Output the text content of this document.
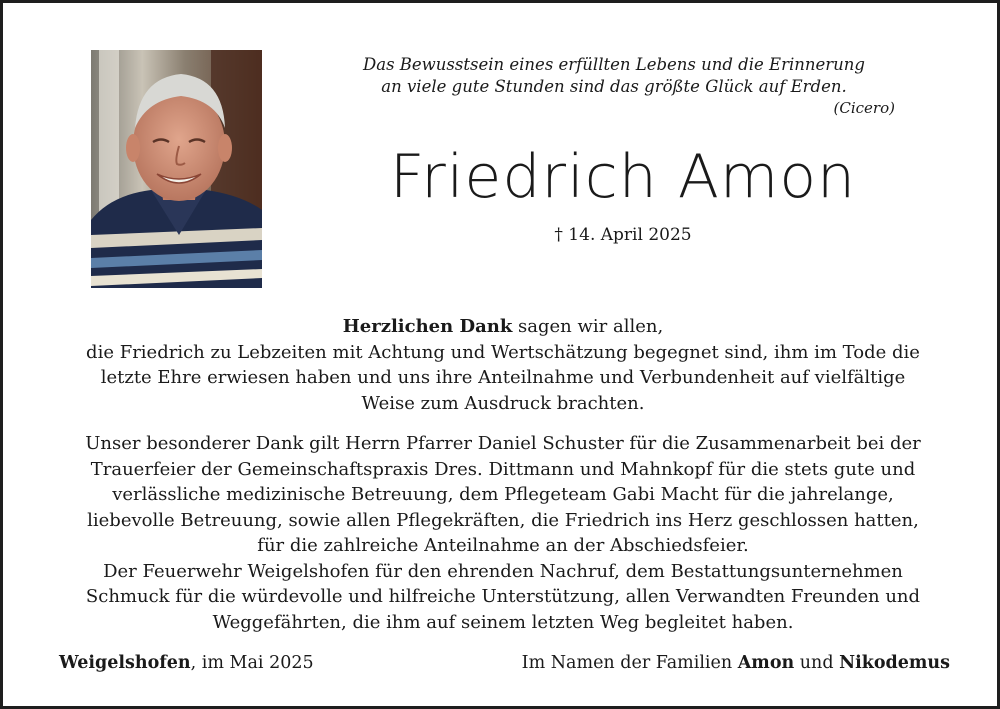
Das Bewusstsein eines erfüllten Lebens und die Erinnerung
an viele gute Stunden sind das größte Glück auf Erden.
(Cicero)
Friedrich Amon
† 14. April 2025
Herzlichen Dank sagen wir allen,
die Friedrich zu Lebzeiten mit Achtung und Wertschätzung begegnet sind, ihm im Tode die
letzte Ehre erwiesen haben und uns ihre Anteilnahme und Verbundenheit auf vielfältige
Weise zum Ausdruck brachten.
Unser besonderer Dank gilt Herrn Pfarrer Daniel Schuster für die Zusammenarbeit bei der
Trauerfeier der Gemeinschaftspraxis Dres. Dittmann und Mahnkopf für die stets gute und
verlässliche medizinische Betreuung, dem Pflegeteam Gabi Macht für die jahrelange,
liebevolle Betreuung, sowie allen Pflegekräften, die Friedrich ins Herz geschlossen hatten,
für die zahlreiche Anteilnahme an der Abschiedsfeier.
Der Feuerwehr Weigelshofen für den ehrenden Nachruf, dem Bestattungsunternehmen
Schmuck für die würdevolle und hilfreiche Unterstützung, allen Verwandten Freunden und
Weggefährten, die ihm auf seinem letzten Weg begleitet haben.
Weigelshofen, im Mai 2025	Im Namen der Familien Amon und Nikodemus
